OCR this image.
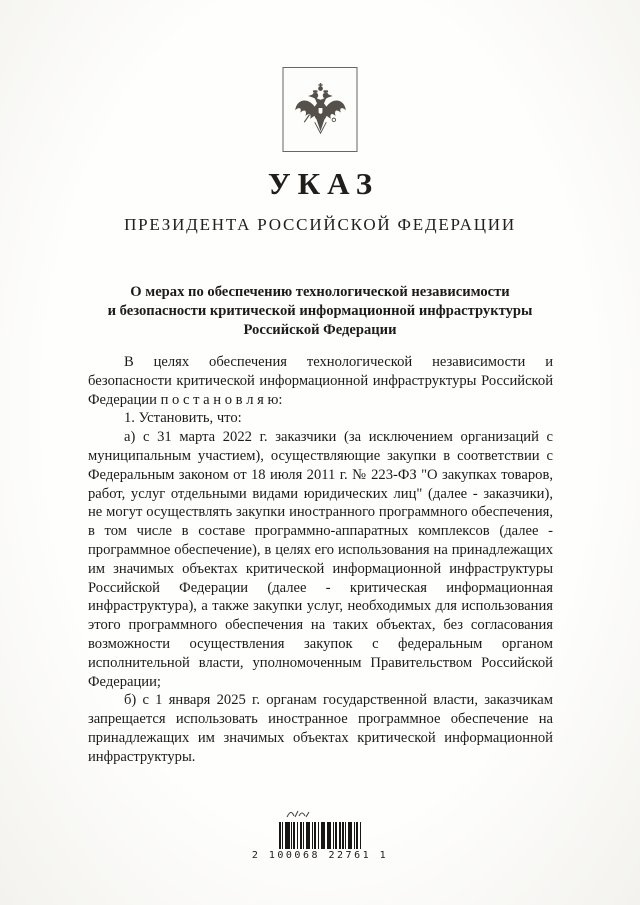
УКАЗ
ПРЕЗИДЕНТА РОССИЙСКОЙ ФЕДЕРАЦИИ
О мерах по обеспечению технологической независимости
и безопасности критической информационной инфраструктуры
Российской Федерации

В целях обеспечения технологической независимости и безопасности критической информационной инфраструктуры Российской Федерации п о с т а н о в л я ю:

1. Установить, что:

а) с 31 марта 2022 г. заказчики (за исключением организаций с муниципальным участием), осуществляющие закупки в соответствии с Федеральным законом от 18 июля 2011 г. № 223-ФЗ "О закупках товаров, работ, услуг отдельными видами юридических лиц" (далее - заказчики), не могут осуществлять закупки иностранного программного обеспечения, в том числе в составе программно-аппаратных комплексов (далее - программное обеспечение), в целях его использования на принадлежащих им значимых объектах критической информационной инфраструктуры Российской Федерации (далее - критическая информационная инфраструктура), а также закупки услуг, необходимых для использования этого программного обеспечения на таких объектах, без согласования возможности осуществления закупок с федеральным органом исполнительной власти, уполномоченным Правительством Российской Федерации;

б) с 1 января 2025 г. органам государственной власти, заказчикам запрещается использовать иностранное программное обеспечение на принадлежащих им значимых объектах критической информационной инфраструктуры.

2 100068 22761 1
